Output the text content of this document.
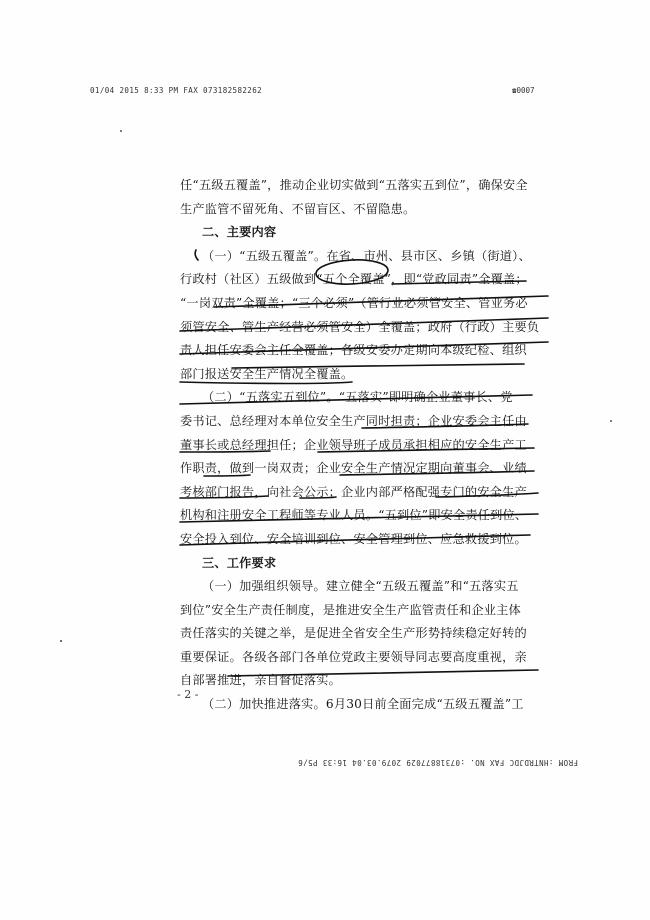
01/04 2015 8:33 PM FAX 073182582262	☎0007
任“五级五覆盖”，推动企业切实做到“五落实五到位”，确保安全
生产监管不留死角、不留盲区、不留隐患。
二、主要内容
（一）“五级五覆盖”。在省、市州、县市区、乡镇（街道）、
行政村（社区）五级做到“五个全覆盖”，即“党政同责”全覆盖；
“一岗双责”全覆盖；“三个必须”（管行业必须管安全、管业务必
须管安全、管生产经营必须管安全）全覆盖；政府（行政）主要负
责人担任安委会主任全覆盖；各级安委办定期向本级纪检、组织
部门报送安全生产情况全覆盖。
（二）“五落实五到位”。“五落实”即明确企业董事长、党
委书记、总经理对本单位安全生产同时担责；企业安委会主任由
董事长或总经理担任；企业领导班子成员承担相应的安全生产工
作职责，做到一岗双责；企业安全生产情况定期向董事会、业绩
考核部门报告，向社会公示；企业内部严格配强专门的安全生产
机构和注册安全工程师等专业人员。“五到位”即安全责任到位、
安全投入到位、安全培训到位、安全管理到位、应急救援到位。
三、工作要求
（一）加强组织领导。建立健全“五级五覆盖”和“五落实五
到位”安全生产责任制度，是推进安全生产监管责任和企业主体
责任落实的关键之举，是促进全省安全生产形势持续稳定好转的
重要保证。各级各部门各单位党政主要领导同志要高度重视，亲
自部署推进，亲自督促落实。
（二）加快推进落实。6月30日前全面完成“五级五覆盖”工
- 2 -
FROM :HNTRDJDC FAX NO. :07318877029 2079.03.04 16:33 P5/6
